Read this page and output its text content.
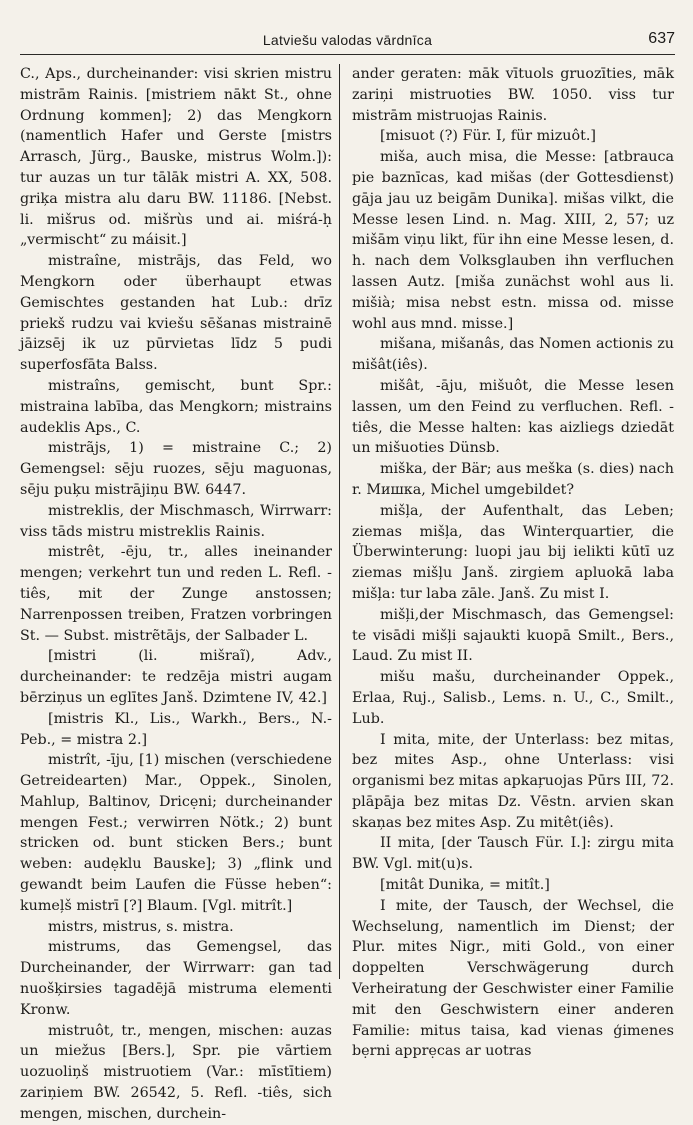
Latviešu valodas vārdnīca	637

C., Aps., durcheinander: visi skrien mistru mistrām Rainis. [mistriem nākt St., ohne Ordnung kommen]; 2) das Mengkorn (namentlich Hafer und Gerste [mistrs Arrasch, Jürg., Bauske, mistrus Wolm.]): tur auzas un tur tālāk mistri A. XX, 508. griķa mistra alu daru BW. 11186. [Nebst. li. mišrus od. mišrùs und ai. miśrá-ḥ „vermischt“ zu máisit.]

mistraîne, mistrājs, das Feld, wo Mengkorn oder überhaupt etwas Gemischtes gestanden hat Lub.: drīz priekš rudzu vai kviešu sēšanas mistrainē jāizsēj ik uz pūrvietas līdz 5 pudi superfosfāta Balss.

mistraîns, gemischt, bunt Spr.: mistraina labība, das Mengkorn; mistrains audeklis Aps., C.

mistrãjs, 1) = mistraine C.; 2) Gemengsel: sēju ruozes, sēju maguonas, sēju puķu mistrājiņu BW. 6447.

mistreklis, der Mischmasch, Wirrwarr: viss tāds mistru mistreklis Rainis.

mistrêt, -ēju, tr., alles ineinander mengen; verkehrt tun und reden L. Refl. -tiês, mit der Zunge anstossen; Narrenpossen treiben, Fratzen vorbringen St. — Subst. mistrẽtājs, der Salbader L.

[mistri (li. mišraĩ), Adv., durcheinander: te redzēja mistri augam bērziņus un eglītes Janš. Dzimtene IV, 42.]

[mistris Kl., Lis., Warkh., Bers., N.-Peb., = mistra 2.]

mistrît, -īju, [1) mischen (verschiedene Getreidearten) Mar., Oppek., Sinolen, Mahlup, Baltinov, Dricẹni; durcheinander mengen Fest.; verwirren Nötk.; 2) bunt stricken od. bunt sticken Bers.; bunt weben: audẹklu Bauske]; 3) „flink und gewandt beim Laufen die Füsse heben“: kumeļš mistrī [?] Blaum. [Vgl. mitrît.]

mistrs, mistrus, s. mistra.

mistrums, das Gemengsel, das Durcheinander, der Wirrwarr: gan tad nuošķirsies tagadējā mistruma elementi Kronw.

mistruôt, tr., mengen, mischen: auzas un miežus [Bers.], Spr. pie vārtiem uozuoliņš mistruotiem (Var.: mīstītiem) zariņiem BW. 26542, 5. Refl. -tiês, sich mengen, mischen, durchein-

ander geraten: māk vītuols gruozīties, māk zariņi mistruoties BW. 1050. viss tur mistrām mistruojas Rainis.

[misuot (?) Für. I, für mizuôt.]

miša, auch misa, die Messe: [atbrauca pie baznīcas, kad mišas (der Gottesdienst) gāja jau uz beigām Dunika]. mišas vilkt, die Messe lesen Lind. n. Mag. XIII, 2, 57; uz mišām viņu likt, für ihn eine Messe lesen, d. h. nach dem Volksglauben ihn verfluchen lassen Autz. [miša zunächst wohl aus li. mišià; misa nebst estn. missa od. misse wohl aus mnd. misse.]

mišana, mišanâs, das Nomen actionis zu mišât(iês).

mišât, -āju, mišuôt, die Messe lesen lassen, um den Feind zu verfluchen. Refl. -tiês, die Messe halten: kas aizliegs dziedāt un mišuoties Dünsb.

miška, der Bär; aus meška (s. dies) nach r. Мишка, Michel umgebildet?

mišļa, der Aufenthalt, das Leben; ziemas mišļa, das Winterquartier, die Überwinterung: luopi jau bij ielikti kūtī uz ziemas mišļu Janš. zirgiem apluokā laba mišļa: tur laba zāle. Janš. Zu mist I.

mišļi,der Mischmasch, das Gemengsel: te visādi mišļi sajaukti kuopā Smilt., Bers., Laud. Zu mist II.

mišu mašu, durcheinander Oppek., Erlaa, Ruj., Salisb., Lems. n. U., C., Smilt., Lub.

I mita, mite, der Unterlass: bez mitas, bez mites Asp., ohne Unterlass: visi organismi bez mitas apkaŗuojas Pūrs III, 72. plāpāja bez mitas Dz. Vēstn. arvien skan skaņas bez mites Asp. Zu mitêt(iês).

II mita, [der Tausch Für. I.]: zirgu mita BW. Vgl. mit(u)s.

[mitât Dunika, = mitît.]

I mite, der Tausch, der Wechsel, die Wechselung, namentlich im Dienst; der Plur. mites Nigr., miti Gold., von einer doppelten Verschwägerung durch Verheiratung der Geschwister einer Familie mit den Geschwistern einer anderen Familie: mitus taisa, kad vienas ģimenes bẹrni apprẹcas ar uotras
